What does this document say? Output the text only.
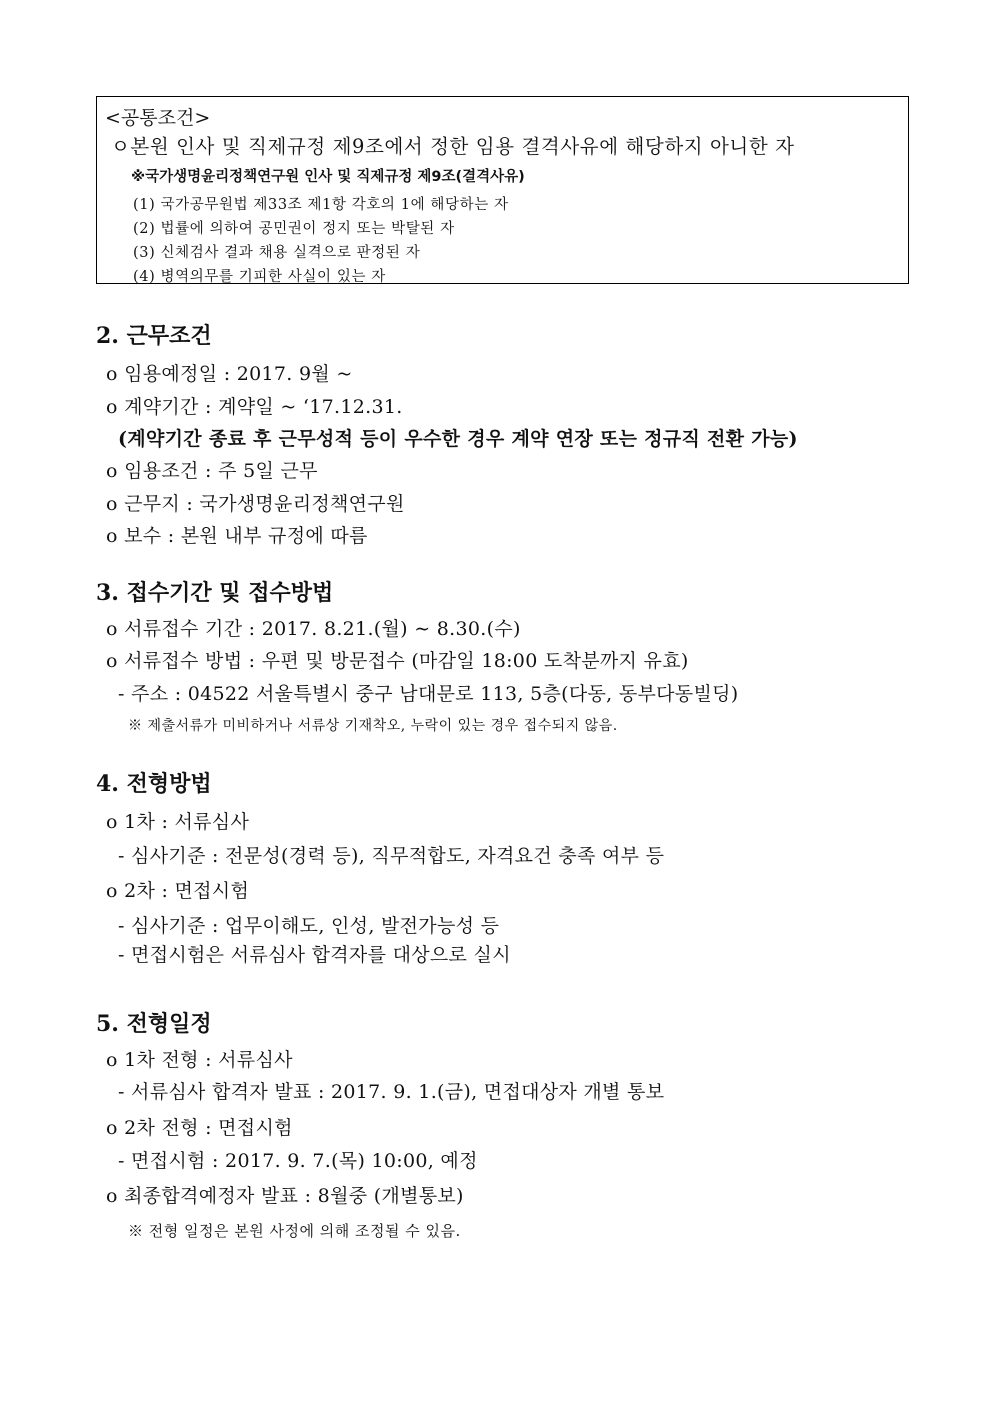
<공통조건>
ㅇ본원 인사 및 직제규정 제9조에서 정한 임용 결격사유에 해당하지 아니한 자
※국가생명윤리정책연구원 인사 및 직제규정 제9조(결격사유)
(1) 국가공무원법 제33조 제1항 각호의 1에 해당하는 자
(2) 법률에 의하여 공민권이 정지 또는 박탈된 자
(3) 신체검사 결과 채용 실격으로 판정된 자
(4) 병역의무를 기피한 사실이 있는 자
2. 근무조건
o 임용예정일 : 2017. 9월 ~
o 계약기간 : 계약일 ~ ‘17.12.31.
(계약기간 종료 후 근무성적 등이 우수한 경우 계약 연장 또는 정규직 전환 가능)
o 임용조건 : 주 5일 근무
o 근무지 : 국가생명윤리정책연구원
o 보수 : 본원 내부 규정에 따름
3. 접수기간 및 접수방법
o 서류접수 기간 : 2017. 8.21.(월) ∼ 8.30.(수)
o 서류접수 방법 : 우편 및 방문접수 (마감일 18:00 도착분까지 유효)
- 주소 : 04522 서울특별시 중구 남대문로 113, 5층(다동, 동부다동빌딩)
※ 제출서류가 미비하거나 서류상 기재착오, 누락이 있는 경우 접수되지 않음.
4. 전형방법
o 1차 : 서류심사
- 심사기준 : 전문성(경력 등), 직무적합도, 자격요건 충족 여부 등
o 2차 : 면접시험
- 심사기준 : 업무이해도, 인성, 발전가능성 등
- 면접시험은 서류심사 합격자를 대상으로 실시
5. 전형일정
o 1차 전형 : 서류심사
- 서류심사 합격자 발표 : 2017. 9. 1.(금), 면접대상자 개별 통보
o 2차 전형 : 면접시험
- 면접시험 : 2017. 9. 7.(목) 10:00, 예정
o 최종합격예정자 발표 : 8월중 (개별통보)
※ 전형 일정은 본원 사정에 의해 조정될 수 있음.
